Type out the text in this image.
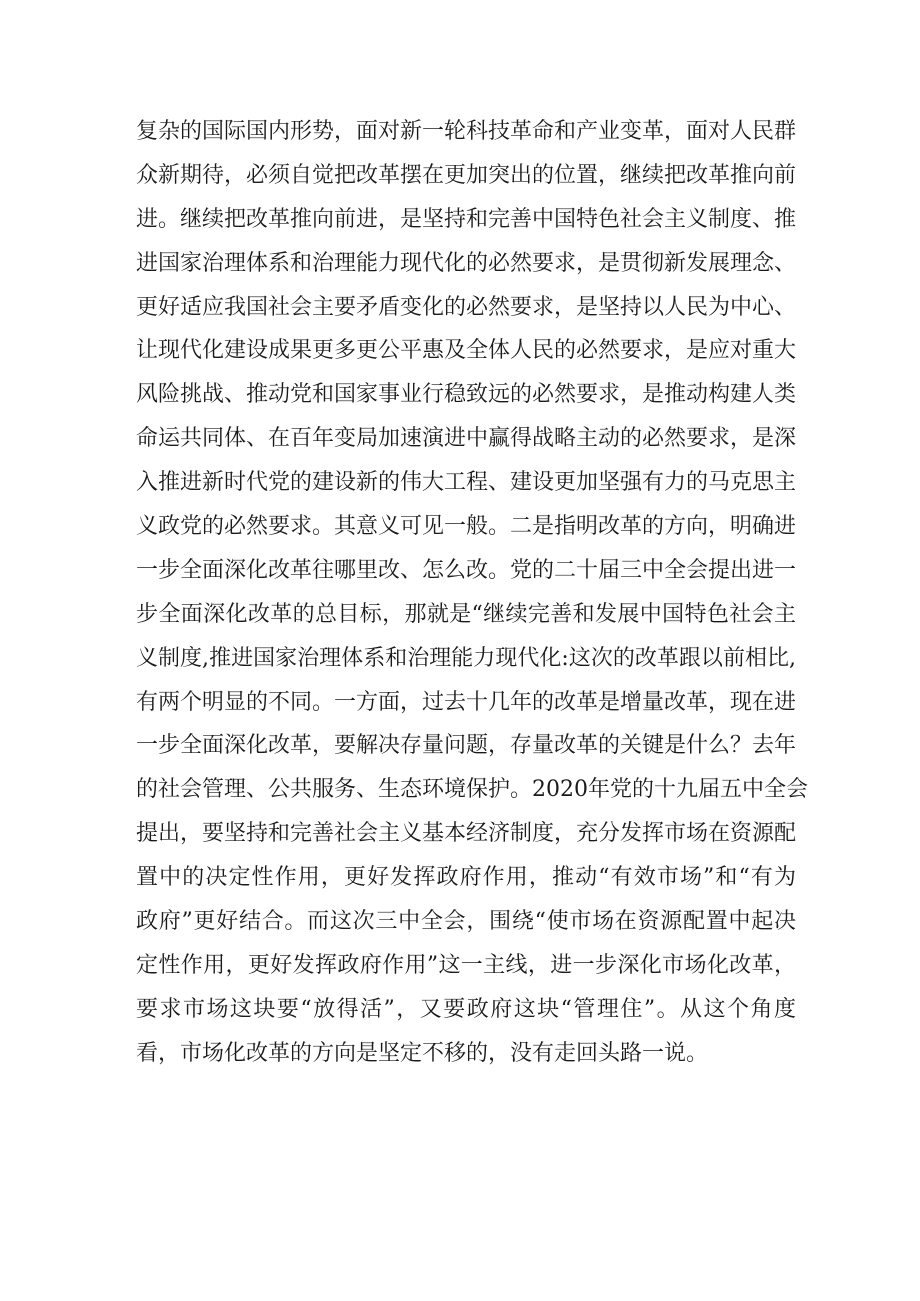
复杂的国际国内形势，面对新一轮科技革命和产业变革，面对人民群
众新期待，必须自觉把改革摆在更加突出的位置，继续把改革推向前
进。继续把改革推向前进，是坚持和完善中国特色社会主义制度、推
进国家治理体系和治理能力现代化的必然要求，是贯彻新发展理念、
更好适应我国社会主要矛盾变化的必然要求，是坚持以人民为中心、
让现代化建设成果更多更公平惠及全体人民的必然要求，是应对重大
风险挑战、推动党和国家事业行稳致远的必然要求，是推动构建人类
命运共同体、在百年变局加速演进中赢得战略主动的必然要求，是深
入推进新时代党的建设新的伟大工程、建设更加坚强有力的马克思主
义政党的必然要求。其意义可见一般。二是指明改革的方向，明确进
一步全面深化改革往哪里改、怎么改。党的二十届三中全会提出进一
步全面深化改革的总目标，那就是“继续完善和发展中国特色社会主
义制度,推进国家治理体系和治理能力现代化:这次的改革跟以前相比,
有两个明显的不同。一方面，过去十几年的改革是增量改革，现在进
一步全面深化改革，要解决存量问题，存量改革的关键是什么？去年
的社会管理、公共服务、生态环境保护。2020年党的十九届五中全会
提出，要坚持和完善社会主义基本经济制度，充分发挥市场在资源配
置中的决定性作用，更好发挥政府作用，推动“有效市场”和“有为
政府”更好结合。而这次三中全会，围绕“使市场在资源配置中起决
定性作用，更好发挥政府作用”这一主线，进一步深化市场化改革，
要求市场这块要“放得活”，又要政府这块“管理住”。从这个角度
看，市场化改革的方向是坚定不移的，没有走回头路一说。
